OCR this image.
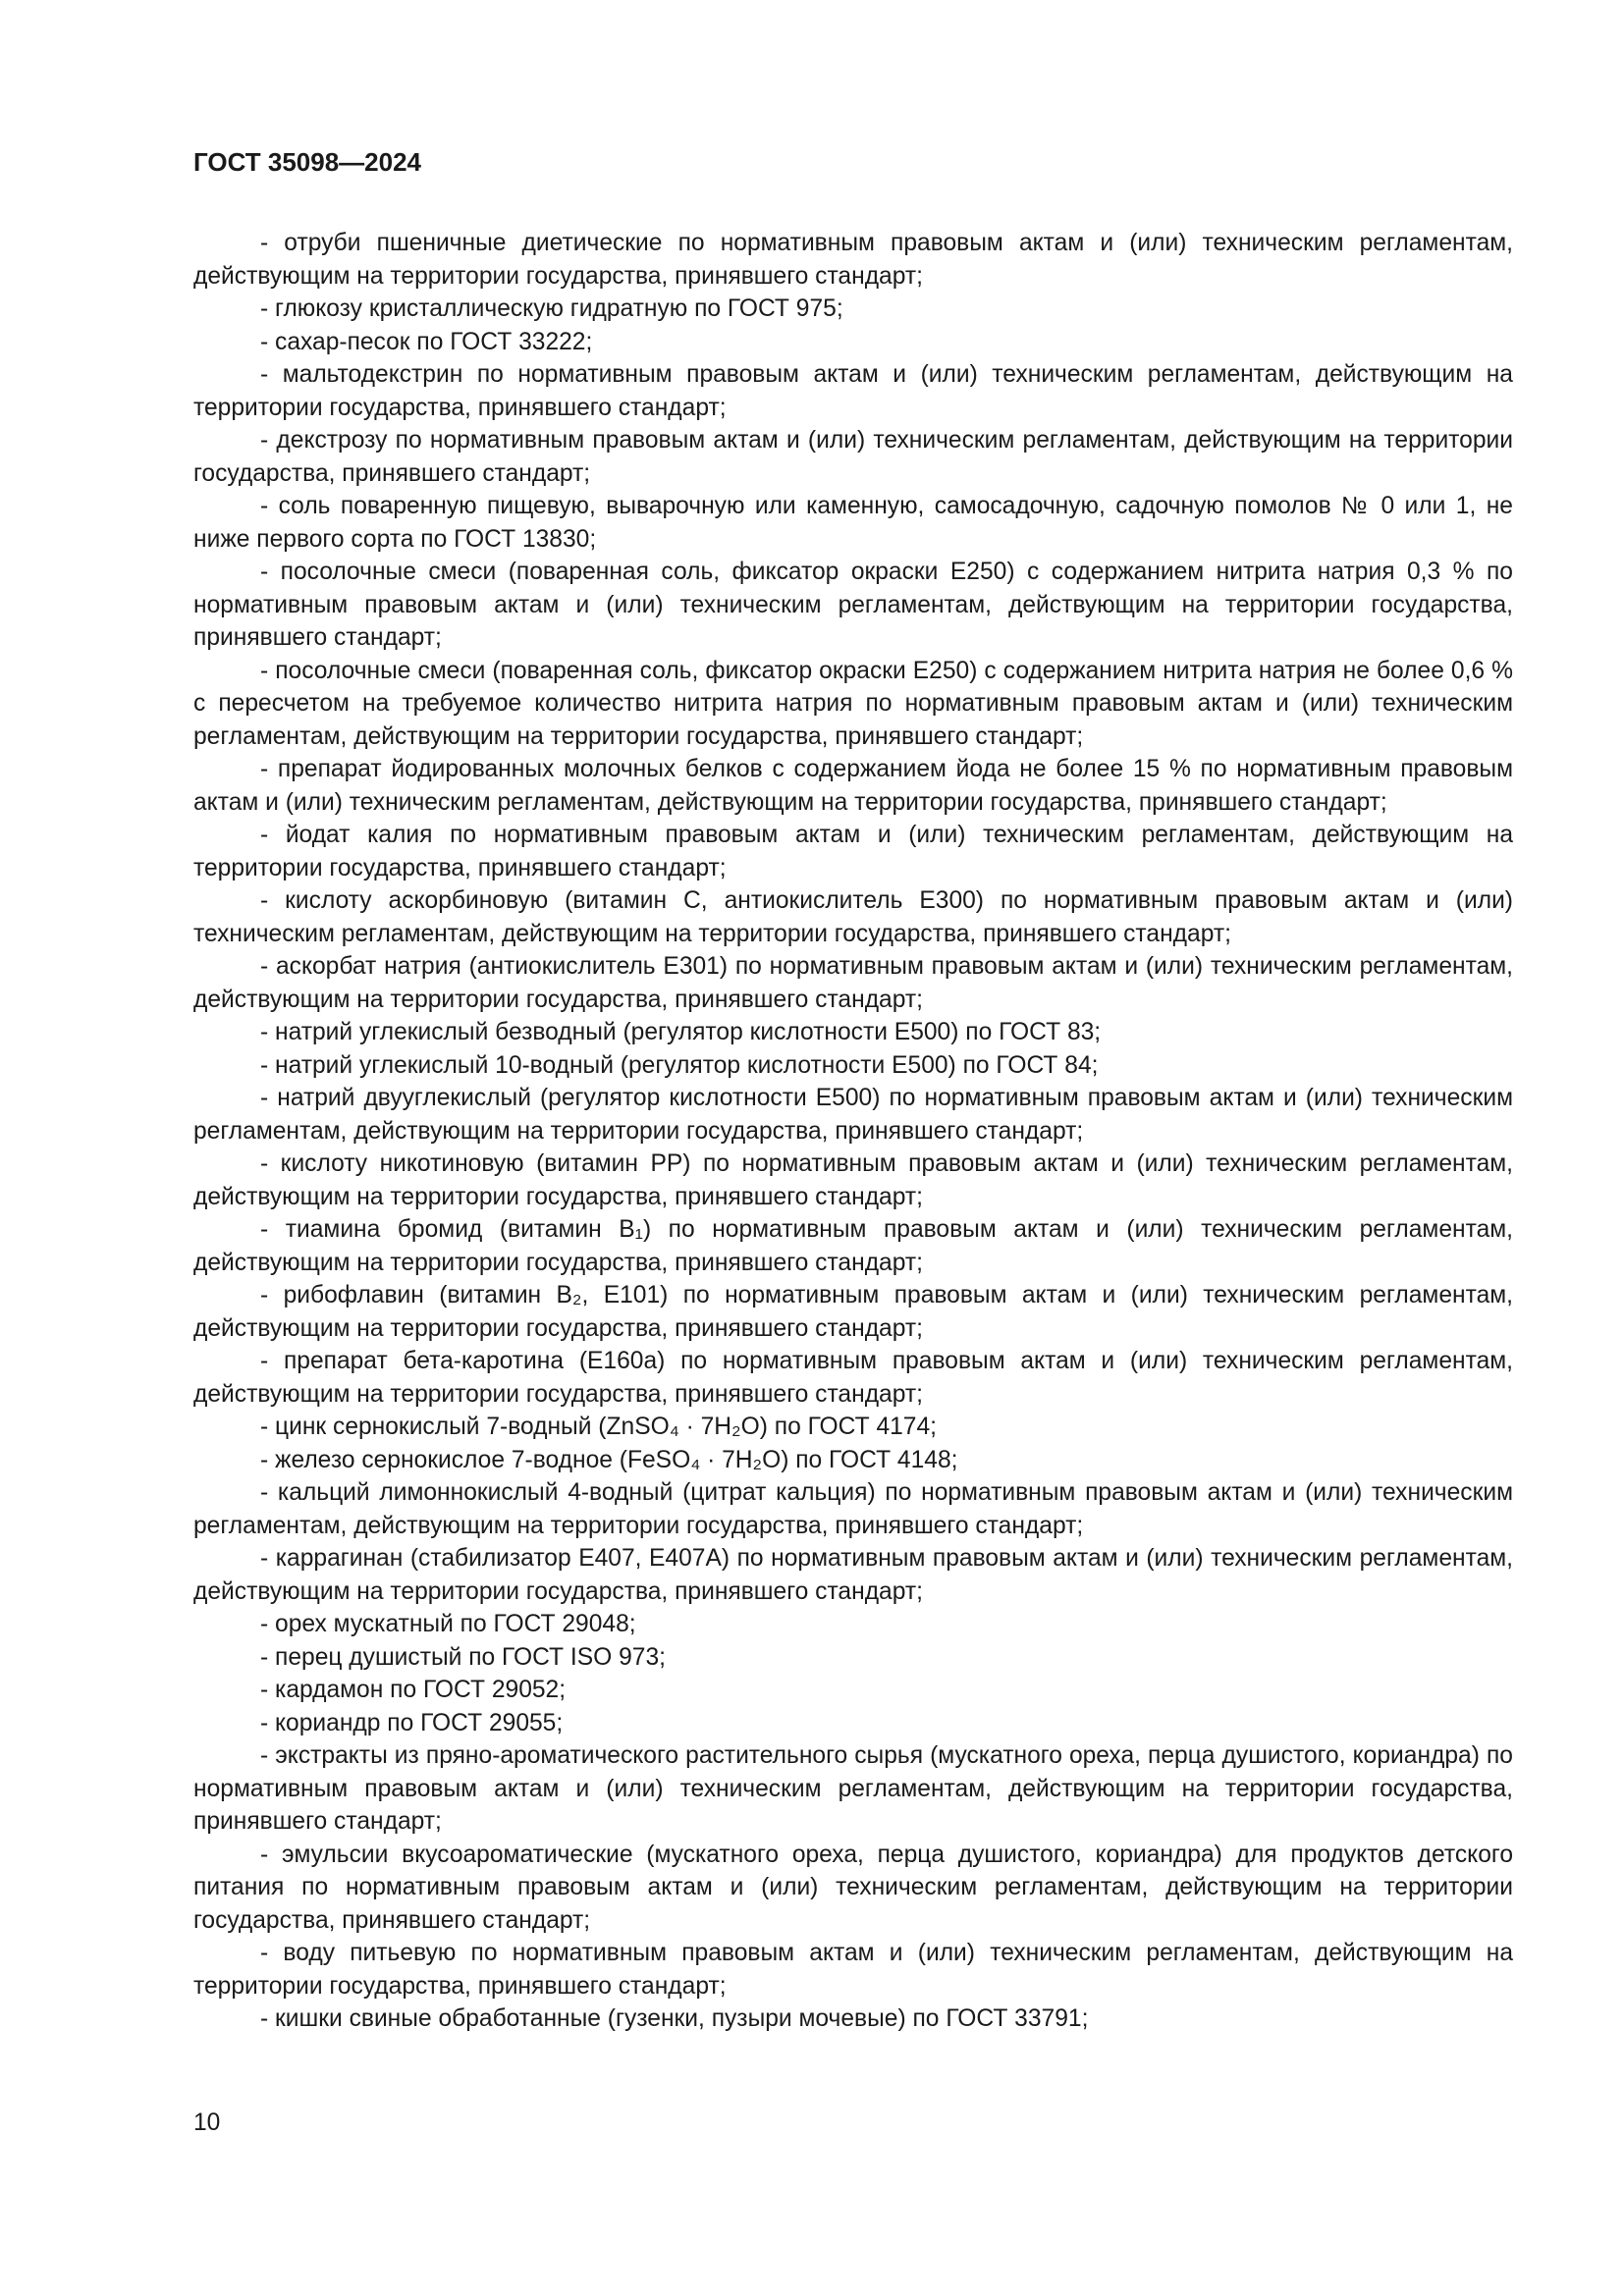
ГОСТ 35098—2024

- отруби пшеничные диетические по нормативным правовым актам и (или) техническим регламентам, действующим на территории государства, принявшего стандарт;

- глюкозу кристаллическую гидратную по ГОСТ 975;

- сахар-песок по ГОСТ 33222;

- мальтодекстрин по нормативным правовым актам и (или) техническим регламентам, действующим на территории государства, принявшего стандарт;

- декстрозу по нормативным правовым актам и (или) техническим регламентам, действующим на территории государства, принявшего стандарт;

- соль поваренную пищевую, выварочную или каменную, самосадочную, садочную помолов № 0 или 1, не ниже первого сорта по ГОСТ 13830;

- посолочные смеси (поваренная соль, фиксатор окраски Е250) с содержанием нитрита натрия 0,3 % по нормативным правовым актам и (или) техническим регламентам, действующим на территории государства, принявшего стандарт;

- посолочные смеси (поваренная соль, фиксатор окраски Е250) с содержанием нитрита натрия не более 0,6 % с пересчетом на требуемое количество нитрита натрия по нормативным правовым актам и (или) техническим регламентам, действующим на территории государства, принявшего стандарт;

- препарат йодированных молочных белков с содержанием йода не более 15 % по нормативным правовым актам и (или) техническим регламентам, действующим на территории государства, принявшего стандарт;

- йодат калия по нормативным правовым актам и (или) техническим регламентам, действующим на территории государства, принявшего стандарт;

- кислоту аскорбиновую (витамин С, антиокислитель Е300) по нормативным правовым актам и (или) техническим регламентам, действующим на территории государства, принявшего стандарт;

- аскорбат натрия (антиокислитель Е301) по нормативным правовым актам и (или) техническим регламентам, действующим на территории государства, принявшего стандарт;

- натрий углекислый безводный (регулятор кислотности Е500) по ГОСТ 83;

- натрий углекислый 10-водный (регулятор кислотности Е500) по ГОСТ 84;

- натрий двууглекислый (регулятор кислотности Е500) по нормативным правовым актам и (или) техническим регламентам, действующим на территории государства, принявшего стандарт;

- кислоту никотиновую (витамин РР) по нормативным правовым актам и (или) техническим регламентам, действующим на территории государства, принявшего стандарт;

- тиамина бромид (витамин В₁) по нормативным правовым актам и (или) техническим регламентам, действующим на территории государства, принявшего стандарт;

- рибофлавин (витамин В₂, Е101) по нормативным правовым актам и (или) техническим регламентам, действующим на территории государства, принявшего стандарт;

- препарат бета-каротина (Е160а) по нормативным правовым актам и (или) техническим регламентам, действующим на территории государства, принявшего стандарт;

- цинк сернокислый 7-водный (ZnSO₄ · 7H₂O) по ГОСТ 4174;

- железо сернокислое 7-водное (FeSO₄ · 7H₂O) по ГОСТ 4148;

- кальций лимоннокислый 4-водный (цитрат кальция) по нормативным правовым актам и (или) техническим регламентам, действующим на территории государства, принявшего стандарт;

- каррагинан (стабилизатор Е407, Е407А) по нормативным правовым актам и (или) техническим регламентам, действующим на территории государства, принявшего стандарт;

- орех мускатный по ГОСТ 29048;

- перец душистый по ГОСТ ISO 973;

- кардамон по ГОСТ 29052;

- кориандр по ГОСТ 29055;

- экстракты из пряно-ароматического растительного сырья (мускатного ореха, перца душистого, кориандра) по нормативным правовым актам и (или) техническим регламентам, действующим на территории государства, принявшего стандарт;

- эмульсии вкусоароматические (мускатного ореха, перца душистого, кориандра) для продуктов детского питания по нормативным правовым актам и (или) техническим регламентам, действующим на территории государства, принявшего стандарт;

- воду питьевую по нормативным правовым актам и (или) техническим регламентам, действующим на территории государства, принявшего стандарт;

- кишки свиные обработанные (гузенки, пузыри мочевые) по ГОСТ 33791;

10
